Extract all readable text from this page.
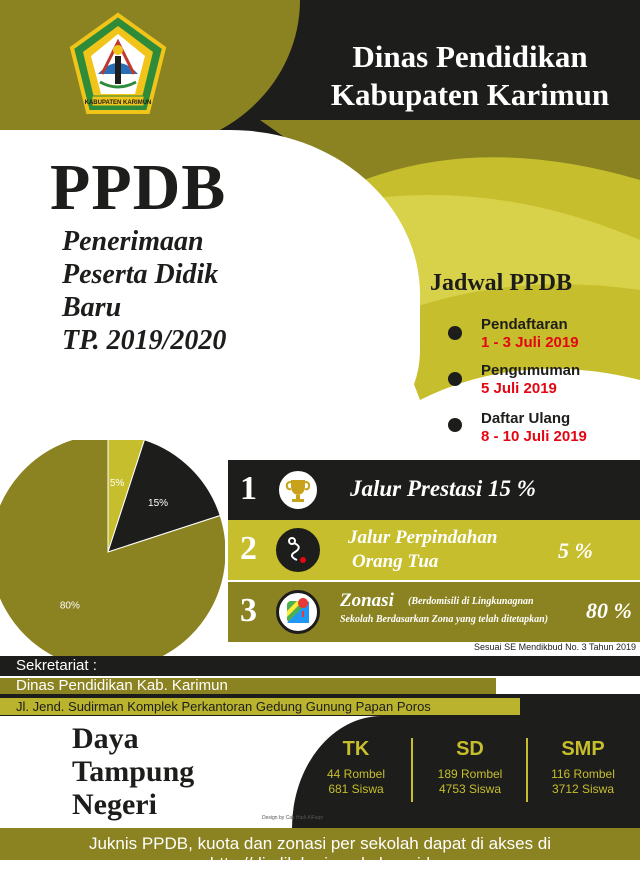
KABUPATEN KARIMUN
Dinas Pendidikan
Kabupaten Karimun
PPDB
Penerimaan
Peserta Didik
Baru
TP. 2019/2020
Jadwal PPDB
Pendaftaran
1 - 3 Juli 2019
Pengumuman
5 Juli 2019
Daftar Ulang
8 - 10 Juli 2019
5%
15%
80%
1	Jalur Prestasi 15 %
2	Jalur Perpindahan
Orang Tua	5 %
3	Zonasi (Berdomisili di Lingkunagnan
Sekolah Berdasarkan Zona yang telah ditetapkan) 80 %
Sesuai SE Mendikbud No. 3 Tahun 2019
Sekretariat :
Dinas Pendidikan Kab. Karimun
Jl. Jend. Sudirman Komplek Perkantoran Gedung Gunung Papan Poros
Daya
Tampung
Negeri
TK
44 Rombel
681 Siswa
SD
189 Rombel
4753 Siswa
SMP
116 Rombel
3712 Siswa
Design by Cak Hadi AlFaqir
Juknis PPDB, kuota dan zonasi per sekolah dapat di akses di http://disdik.karimunkab.go.id
